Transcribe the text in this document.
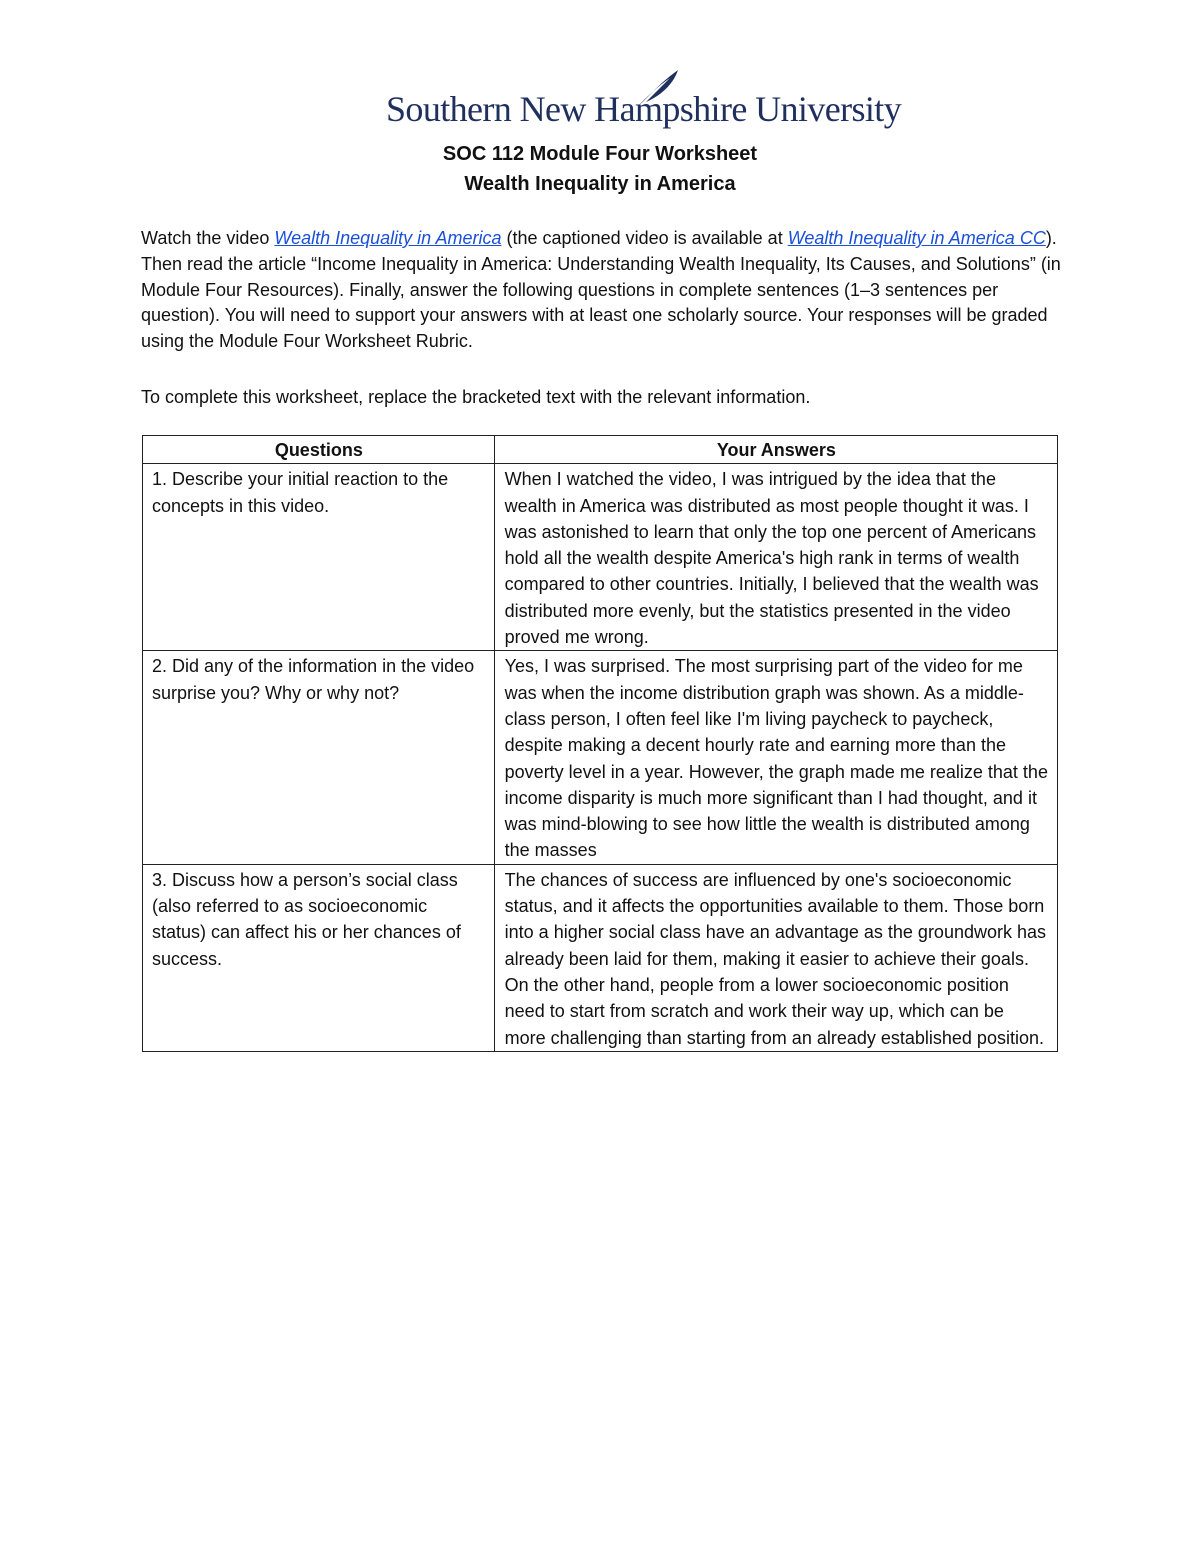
Southern New Hampshire University
SOC 112 Module Four Worksheet
Wealth Inequality in America

Watch the video Wealth Inequality in America (the captioned video is available at Wealth Inequality in America CC). Then read the article “Income Inequality in America: Understanding Wealth Inequality, Its Causes, and Solutions” (in Module Four Resources). Finally, answer the following questions in complete sentences (1–3 sentences per question). You will need to support your answers with at least one scholarly source. Your responses will be graded using the Module Four Worksheet Rubric.

To complete this worksheet, replace the bracketed text with the relevant information.

Questions	Your Answers
1. Describe your initial reaction to the concepts in this video.	When I watched the video, I was intrigued by the idea that the wealth in America was distributed as most people thought it was. I was astonished to learn that only the top one percent of Americans hold all the wealth despite America's high rank in terms of wealth compared to other countries. Initially, I believed that the wealth was distributed more evenly, but the statistics presented in the video proved me wrong.
2. Did any of the information in the video surprise you? Why or why not?	Yes, I was surprised. The most surprising part of the video for me was when the income distribution graph was shown. As a middle-class person, I often feel like I'm living paycheck to paycheck, despite making a decent hourly rate and earning more than the poverty level in a year. However, the graph made me realize that the income disparity is much more significant than I had thought, and it was mind-blowing to see how little the wealth is distributed among the masses
3. Discuss how a person’s social class (also referred to as socioeconomic status) can affect his or her chances of success.	The chances of success are influenced by one's socioeconomic status, and it affects the opportunities available to them. Those born into a higher social class have an advantage as the groundwork has already been laid for them, making it easier to achieve their goals. On the other hand, people from a lower socioeconomic position need to start from scratch and work their way up, which can be more challenging than starting from an already established position.
